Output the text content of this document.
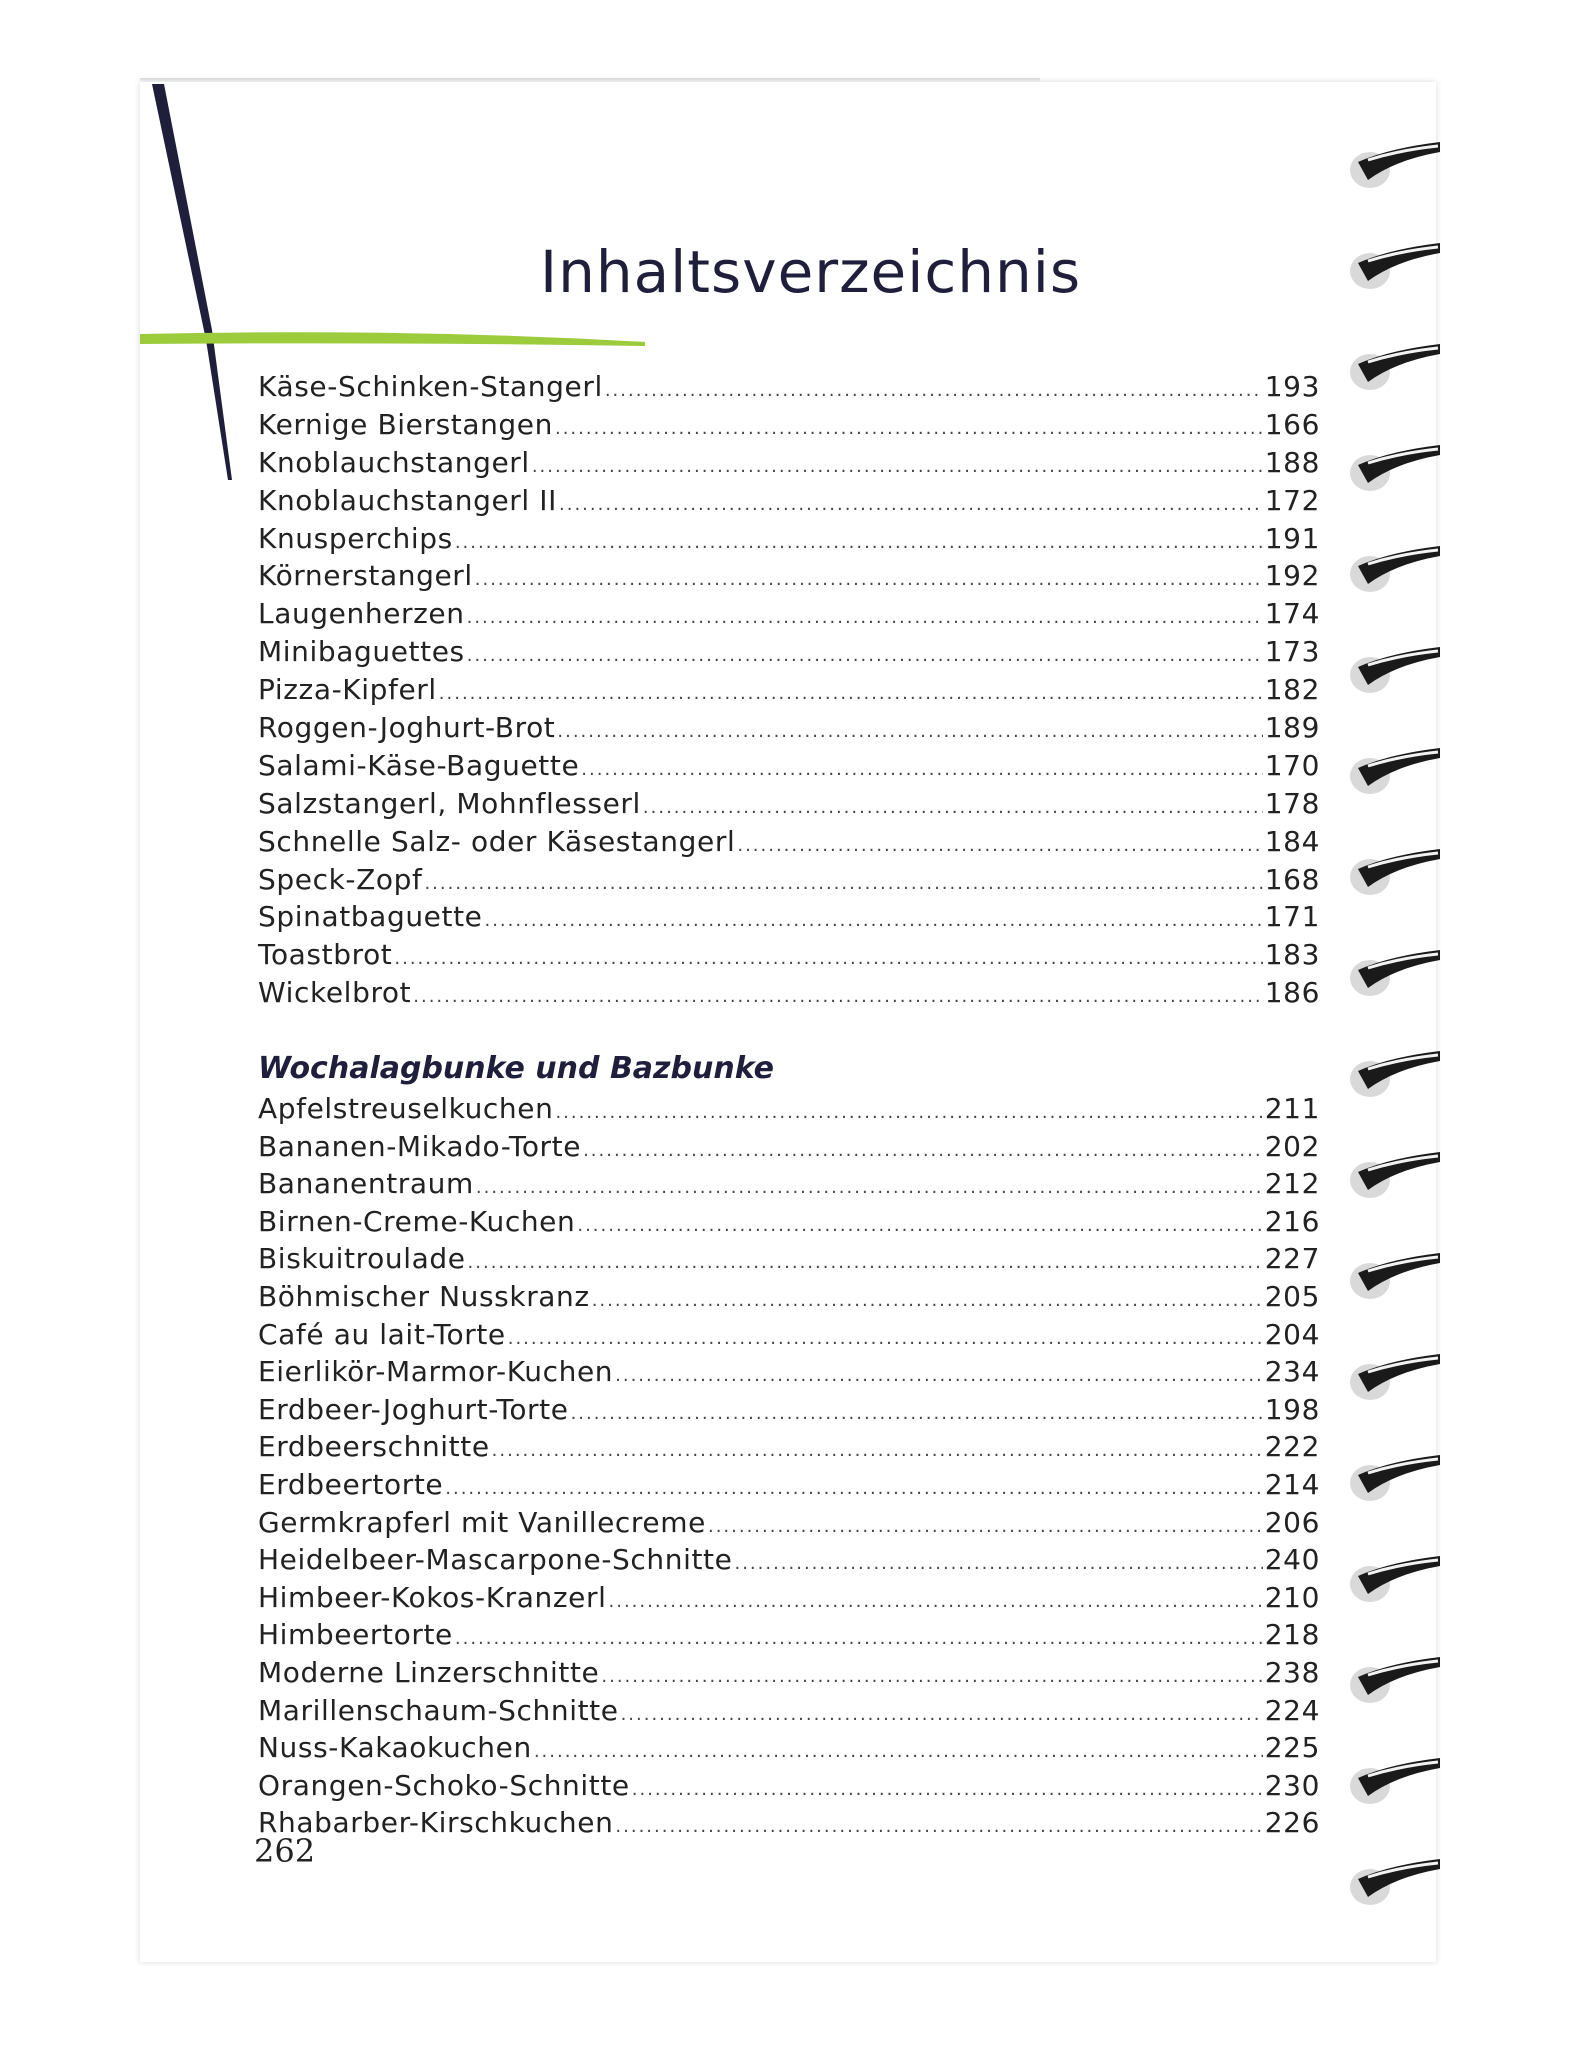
Inhaltsverzeichnis
Käse-Schinken-Stangerl .....	193
Kernige Bierstangen .....	166
Knoblauchstangerl .....	188
Knoblauchstangerl II .....	172
Knusperchips .....	191
Körnerstangerl .....	192
Laugenherzen .....	174
Minibaguettes .....	173
Pizza-Kipferl .....	182
Roggen-Joghurt-Brot .....	189
Salami-Käse-Baguette .....	170
Salzstangerl, Mohnflesserl .....	178
Schnelle Salz- oder Käsestangerl .....	184
Speck-Zopf .....	168
Spinatbaguette .....	171
Toastbrot .....	183
Wickelbrot .....	186
Wochalagbunke und Bazbunke
Apfelstreuselkuchen .....	211
Bananen-Mikado-Torte .....	202
Bananentraum .....	212
Birnen-Creme-Kuchen .....	216
Biskuitroulade .....	227
Böhmischer Nusskranz .....	205
Café au lait-Torte .....	204
Eierlikör-Marmor-Kuchen .....	234
Erdbeer-Joghurt-Torte .....	198
Erdbeerschnitte .....	222
Erdbeertorte .....	214
Germkrapferl mit Vanillecreme .....	206
Heidelbeer-Mascarpone-Schnitte .....	240
Himbeer-Kokos-Kranzerl .....	210
Himbeertorte .....	218
Moderne Linzerschnitte .....	238
Marillenschaum-Schnitte .....	224
Nuss-Kakaokuchen .....	225
Orangen-Schoko-Schnitte .....	230
Rhabarber-Kirschkuchen .....	226
262
